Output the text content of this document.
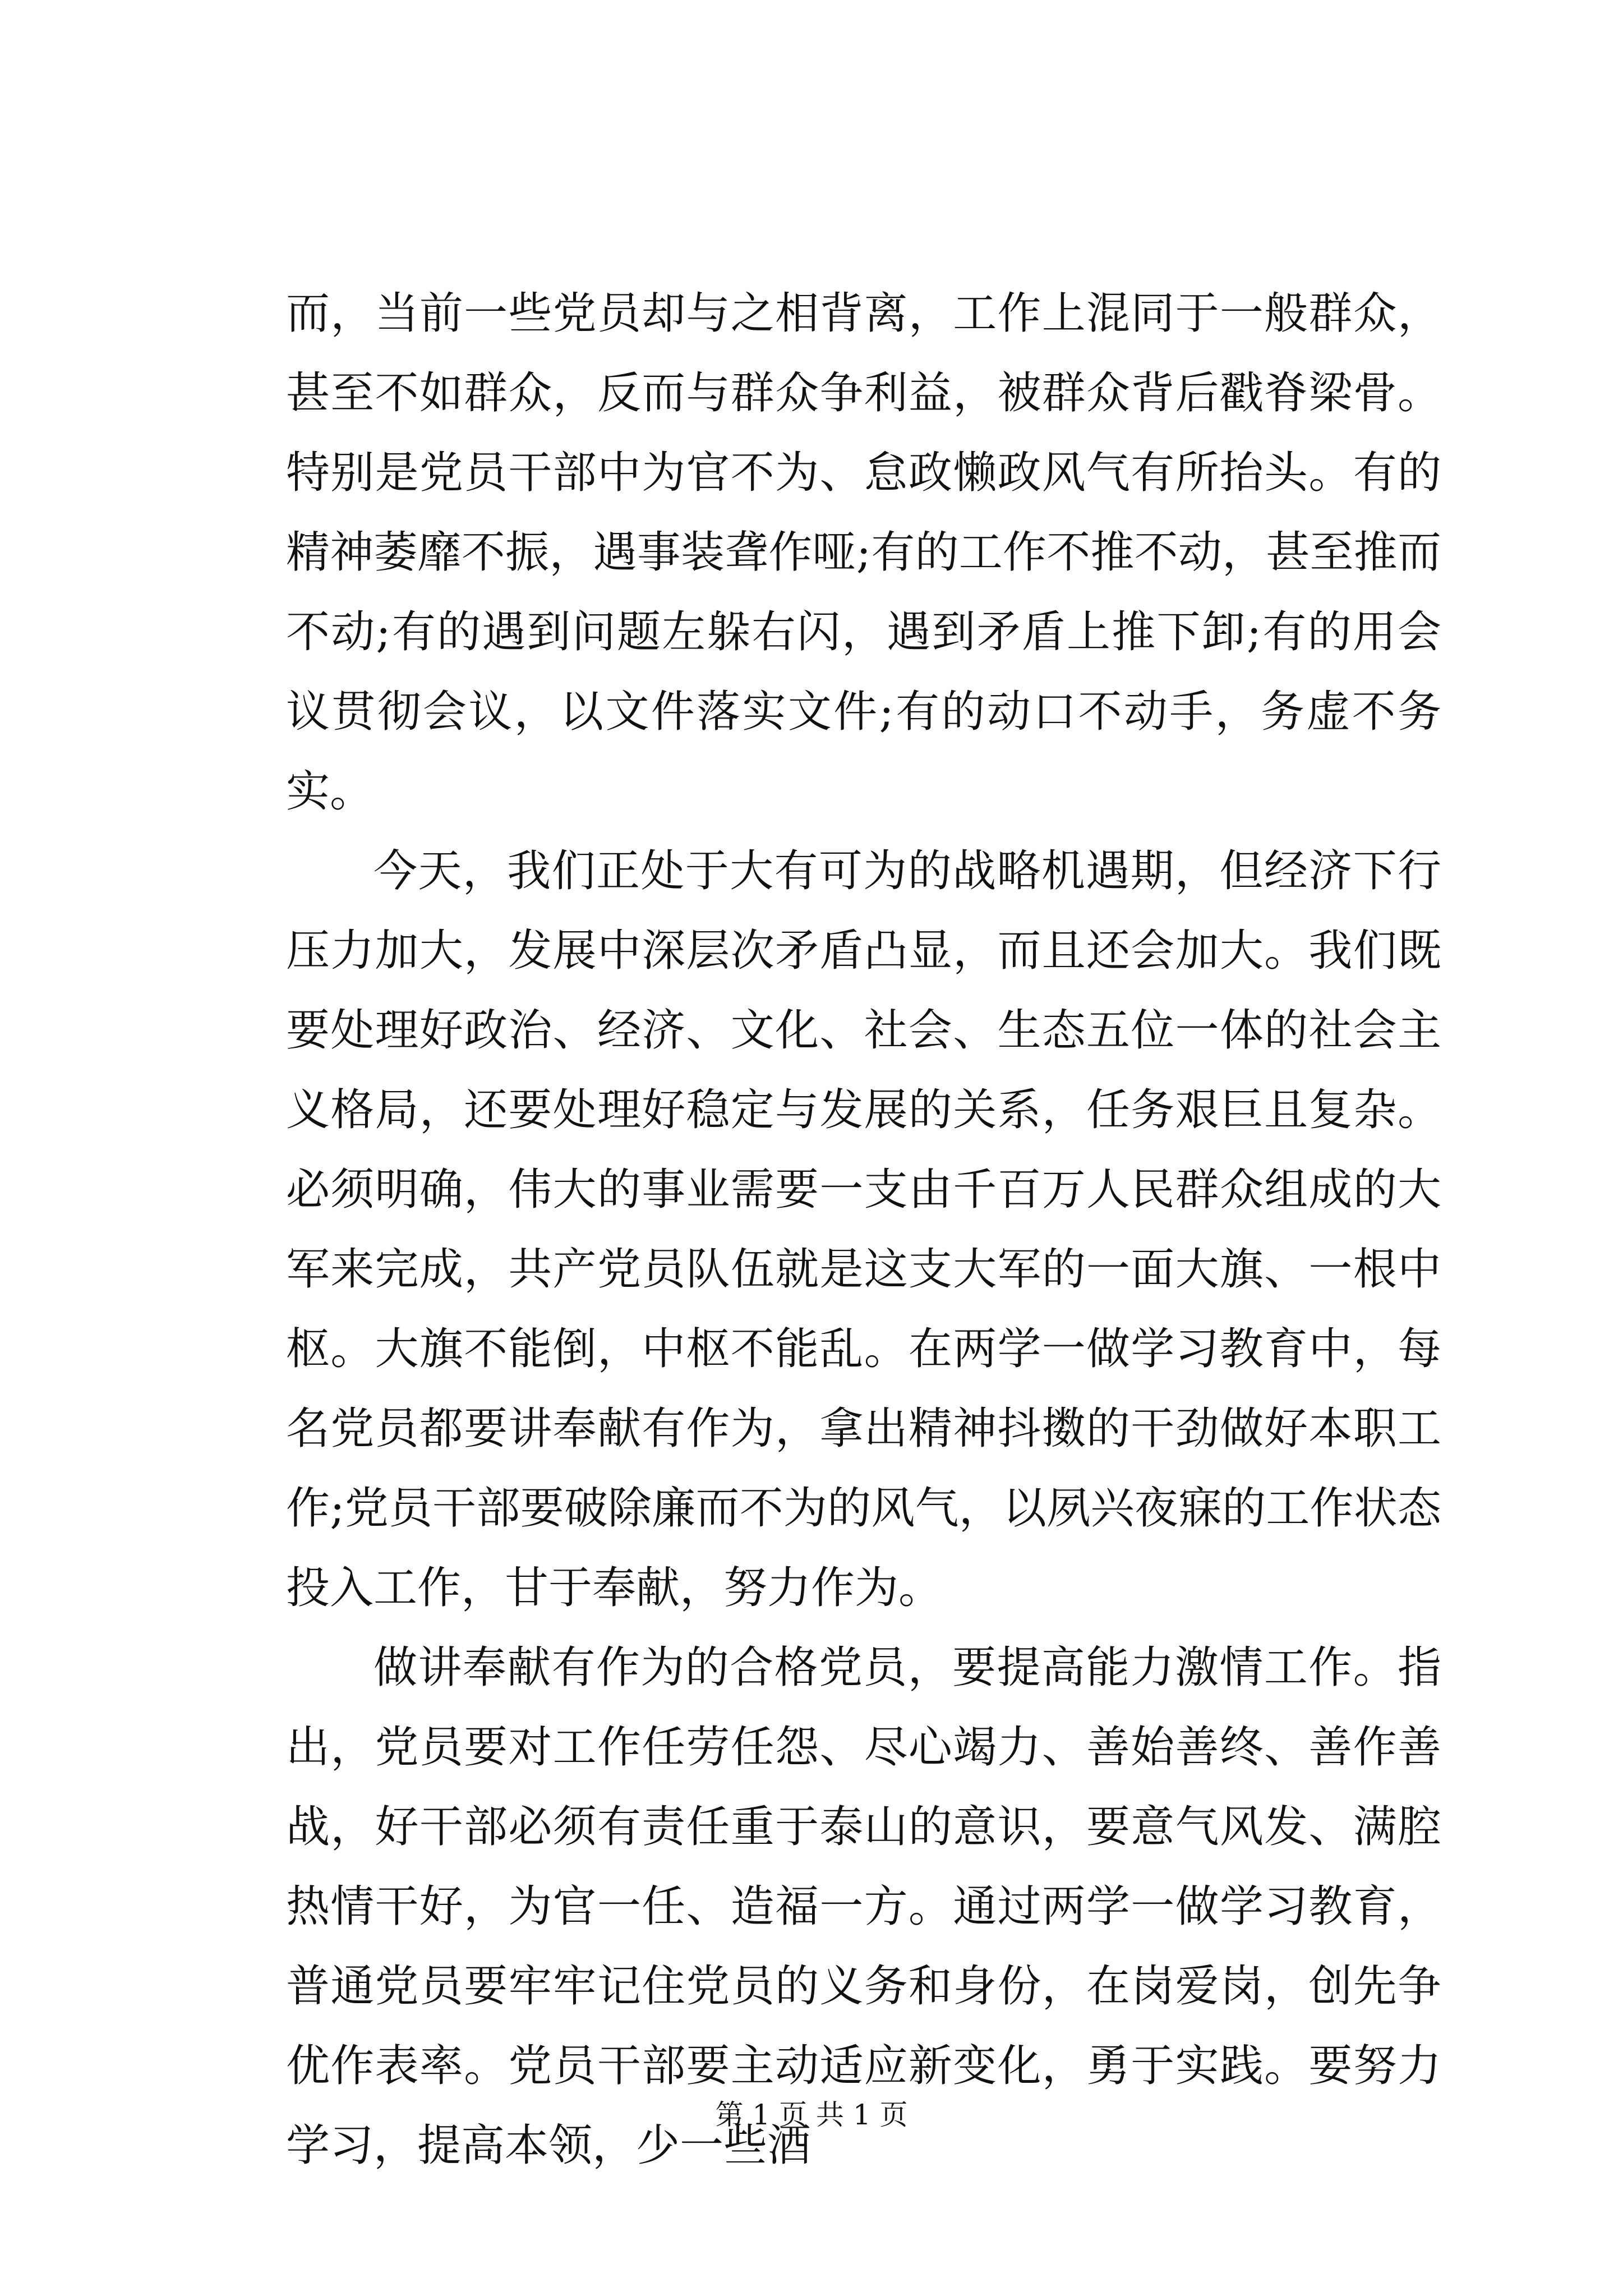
而，当前一些党员却与之相背离，工作上混同于一般群众，甚至不如群众，反而与群众争利益，被群众背后戳脊梁骨。特别是党员干部中为官不为、怠政懒政风气有所抬头。有的精神萎靡不振，遇事装聋作哑;有的工作不推不动，甚至推而不动;有的遇到问题左躲右闪，遇到矛盾上推下卸;有的用会议贯彻会议，以文件落实文件;有的动口不动手，务虚不务实。

今天，我们正处于大有可为的战略机遇期，但经济下行压力加大，发展中深层次矛盾凸显，而且还会加大。我们既要处理好政治、经济、文化、社会、生态五位一体的社会主义格局，还要处理好稳定与发展的关系，任务艰巨且复杂。必须明确，伟大的事业需要一支由千百万人民群众组成的大军来完成，共产党员队伍就是这支大军的一面大旗、一根中枢。大旗不能倒，中枢不能乱。在两学一做学习教育中，每名党员都要讲奉献有作为，拿出精神抖擞的干劲做好本职工作;党员干部要破除廉而不为的风气，以夙兴夜寐的工作状态投入工作，甘于奉献，努力作为。

做讲奉献有作为的合格党员，要提高能力激情工作。指出，党员要对工作任劳任怨、尽心竭力、善始善终、善作善战，好干部必须有责任重于泰山的意识，要意气风发、满腔热情干好，为官一任、造福一方。通过两学一做学习教育，普通党员要牢牢记住党员的义务和身份，在岗爱岗，创先争优作表率。党员干部要主动适应新变化，勇于实践。要努力学习，提高本领，少一些酒

第 1 页 共 1 页
